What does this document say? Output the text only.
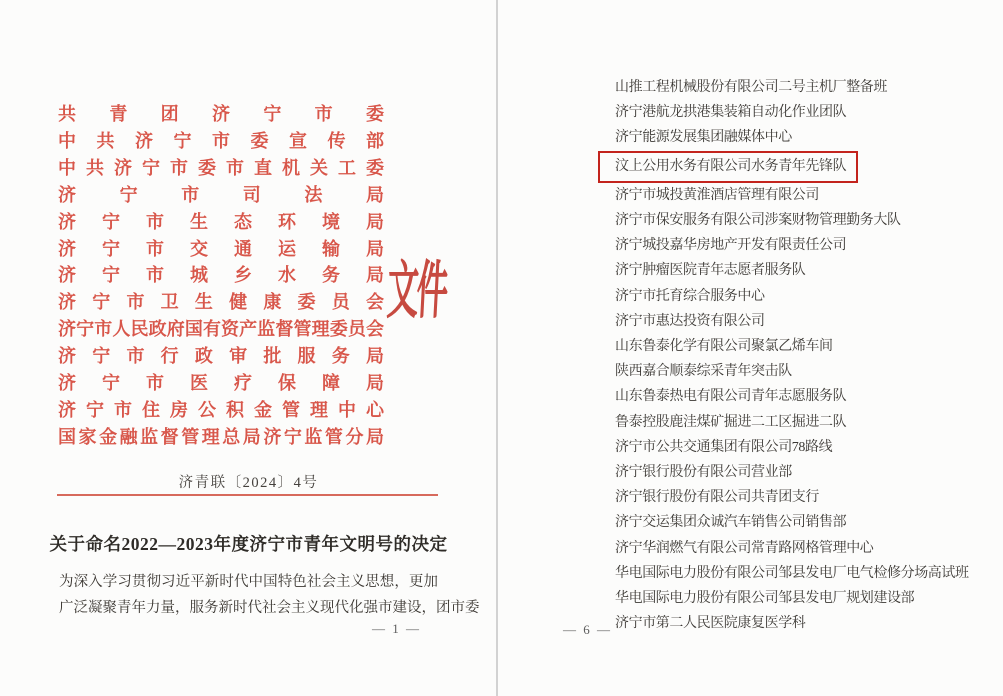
共青团济宁市委
中共济宁市委宣传部
中共济宁市委市直机关工委
济宁市司法局
济宁市生态环境局
济宁市交通运输局
济宁市城乡水务局
济宁市卫生健康委员会
济宁市人民政府国有资产监督管理委员会
济宁市行政审批服务局
济宁市医疗保障局
济宁市住房公积金管理中心
国家金融监督管理总局济宁监管分局
文件
济青联〔2024〕4号
关于命名2022—2023年度济宁市青年文明号的决定
为深入学习贯彻习近平新时代中国特色社会主义思想，更加
广泛凝聚青年力量，服务新时代社会主义现代化强市建设，团市委
— 1 —
山推工程机械股份有限公司二号主机厂整备班
济宁港航龙拱港集装箱自动化作业团队
济宁能源发展集团融媒体中心
汶上公用水务有限公司水务青年先锋队
济宁市城投黄淮酒店管理有限公司
济宁市保安服务有限公司涉案财物管理勤务大队
济宁城投嘉华房地产开发有限责任公司
济宁肿瘤医院青年志愿者服务队
济宁市托育综合服务中心
济宁市惠达投资有限公司
山东鲁泰化学有限公司聚氯乙烯车间
陕西嘉合顺泰综采青年突击队
山东鲁泰热电有限公司青年志愿服务队
鲁泰控股鹿洼煤矿掘进二工区掘进二队
济宁市公共交通集团有限公司78路线
济宁银行股份有限公司营业部
济宁银行股份有限公司共青团支行
济宁交运集团众诚汽车销售公司销售部
济宁华润燃气有限公司常青路网格管理中心
华电国际电力股份有限公司邹县发电厂电气检修分场高试班
华电国际电力股份有限公司邹县发电厂规划建设部
济宁市第二人民医院康复医学科
— 6 —
